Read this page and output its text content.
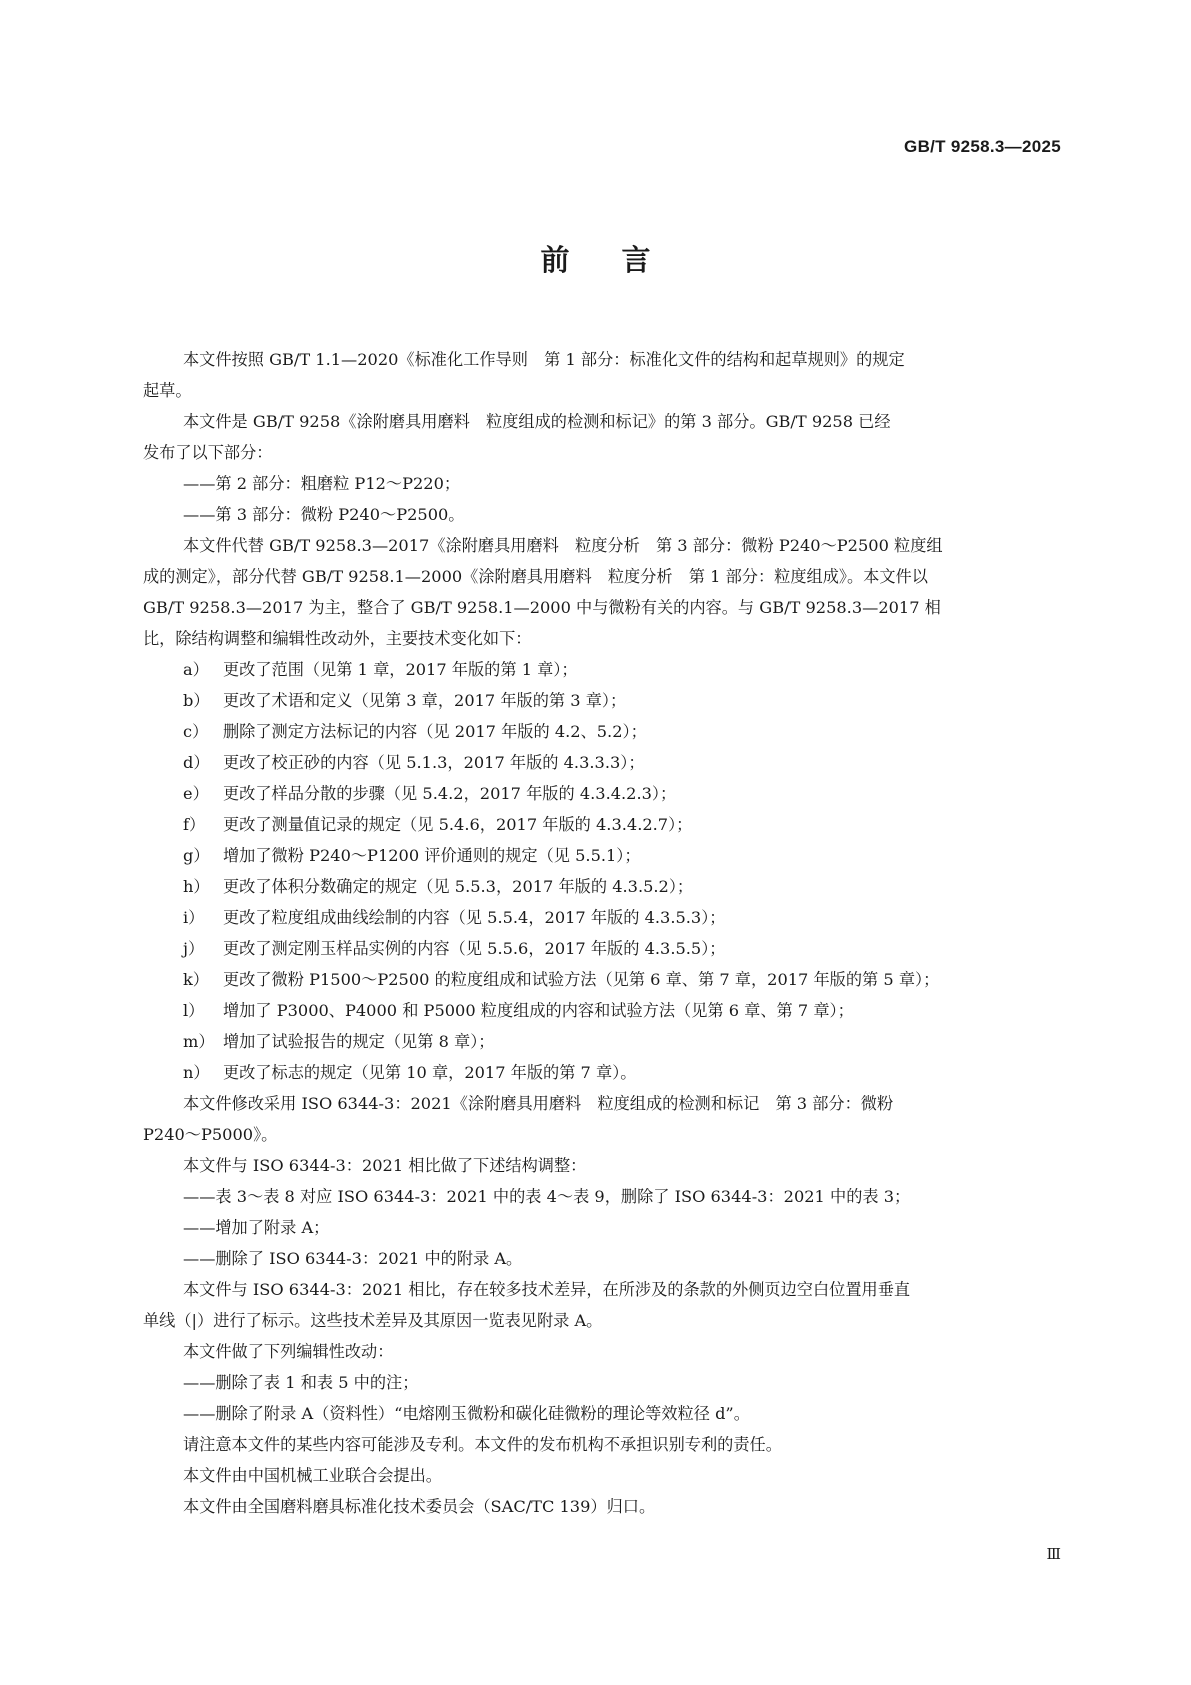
GB/T 9258.3—2025
前言
本文件按照 GB/T 1.1—2020《标准化工作导则　第 1 部分：标准化文件的结构和起草规则》的规定
起草。
本文件是 GB/T 9258《涂附磨具用磨料　粒度组成的检测和标记》的第 3 部分。GB/T 9258 已经
发布了以下部分：
——第 2 部分：粗磨粒 P12～P220；
——第 3 部分：微粉 P240～P2500。
本文件代替 GB/T 9258.3—2017《涂附磨具用磨料　粒度分析　第 3 部分：微粉 P240～P2500 粒度组
成的测定》，部分代替 GB/T 9258.1—2000《涂附磨具用磨料　粒度分析　第 1 部分：粒度组成》。本文件以
GB/T 9258.3—2017 为主，整合了 GB/T 9258.1—2000 中与微粉有关的内容。与 GB/T 9258.3—2017 相
比，除结构调整和编辑性改动外，主要技术变化如下：
a） 更改了范围（见第 1 章，2017 年版的第 1 章）；
b） 更改了术语和定义（见第 3 章，2017 年版的第 3 章）；
c） 删除了测定方法标记的内容（见 2017 年版的 4.2、5.2）；
d） 更改了校正砂的内容（见 5.1.3，2017 年版的 4.3.3.3）；
e） 更改了样品分散的步骤（见 5.4.2，2017 年版的 4.3.4.2.3）；
f） 更改了测量值记录的规定（见 5.4.6，2017 年版的 4.3.4.2.7）；
g） 增加了微粉 P240～P1200 评价通则的规定（见 5.5.1）；
h） 更改了体积分数确定的规定（见 5.5.3，2017 年版的 4.3.5.2）；
i） 更改了粒度组成曲线绘制的内容（见 5.5.4，2017 年版的 4.3.5.3）；
j） 更改了测定刚玉样品实例的内容（见 5.5.6，2017 年版的 4.3.5.5）；
k） 更改了微粉 P1500～P2500 的粒度组成和试验方法（见第 6 章、第 7 章，2017 年版的第 5 章）；
l） 增加了 P3000、P4000 和 P5000 粒度组成的内容和试验方法（见第 6 章、第 7 章）；
m） 增加了试验报告的规定（见第 8 章）；
n） 更改了标志的规定（见第 10 章，2017 年版的第 7 章）。
本文件修改采用 ISO 6344-3：2021《涂附磨具用磨料　粒度组成的检测和标记　第 3 部分：微粉
P240～P5000》。
本文件与 ISO 6344-3：2021 相比做了下述结构调整：
——表 3～表 8 对应 ISO 6344-3：2021 中的表 4～表 9，删除了 ISO 6344-3：2021 中的表 3；
——增加了附录 A；
——删除了 ISO 6344-3：2021 中的附录 A。
本文件与 ISO 6344-3：2021 相比，存在较多技术差异，在所涉及的条款的外侧页边空白位置用垂直
单线（|）进行了标示。这些技术差异及其原因一览表见附录 A。
本文件做了下列编辑性改动：
——删除了表 1 和表 5 中的注；
——删除了附录 A（资料性）“电熔刚玉微粉和碳化硅微粉的理论等效粒径 d”。
请注意本文件的某些内容可能涉及专利。本文件的发布机构不承担识别专利的责任。
本文件由中国机械工业联合会提出。
本文件由全国磨料磨具标准化技术委员会（SAC/TC 139）归口。
Ⅲ
